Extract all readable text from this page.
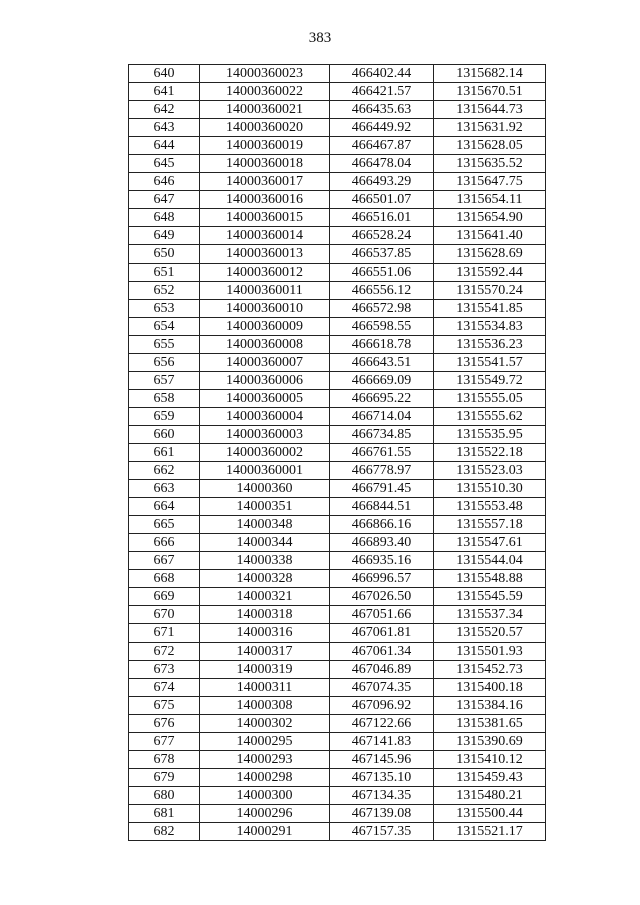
383
640	14000360023	466402.44	1315682.14
641	14000360022	466421.57	1315670.51
642	14000360021	466435.63	1315644.73
643	14000360020	466449.92	1315631.92
644	14000360019	466467.87	1315628.05
645	14000360018	466478.04	1315635.52
646	14000360017	466493.29	1315647.75
647	14000360016	466501.07	1315654.11
648	14000360015	466516.01	1315654.90
649	14000360014	466528.24	1315641.40
650	14000360013	466537.85	1315628.69
651	14000360012	466551.06	1315592.44
652	14000360011	466556.12	1315570.24
653	14000360010	466572.98	1315541.85
654	14000360009	466598.55	1315534.83
655	14000360008	466618.78	1315536.23
656	14000360007	466643.51	1315541.57
657	14000360006	466669.09	1315549.72
658	14000360005	466695.22	1315555.05
659	14000360004	466714.04	1315555.62
660	14000360003	466734.85	1315535.95
661	14000360002	466761.55	1315522.18
662	14000360001	466778.97	1315523.03
663	14000360	466791.45	1315510.30
664	14000351	466844.51	1315553.48
665	14000348	466866.16	1315557.18
666	14000344	466893.40	1315547.61
667	14000338	466935.16	1315544.04
668	14000328	466996.57	1315548.88
669	14000321	467026.50	1315545.59
670	14000318	467051.66	1315537.34
671	14000316	467061.81	1315520.57
672	14000317	467061.34	1315501.93
673	14000319	467046.89	1315452.73
674	14000311	467074.35	1315400.18
675	14000308	467096.92	1315384.16
676	14000302	467122.66	1315381.65
677	14000295	467141.83	1315390.69
678	14000293	467145.96	1315410.12
679	14000298	467135.10	1315459.43
680	14000300	467134.35	1315480.21
681	14000296	467139.08	1315500.44
682	14000291	467157.35	1315521.17
